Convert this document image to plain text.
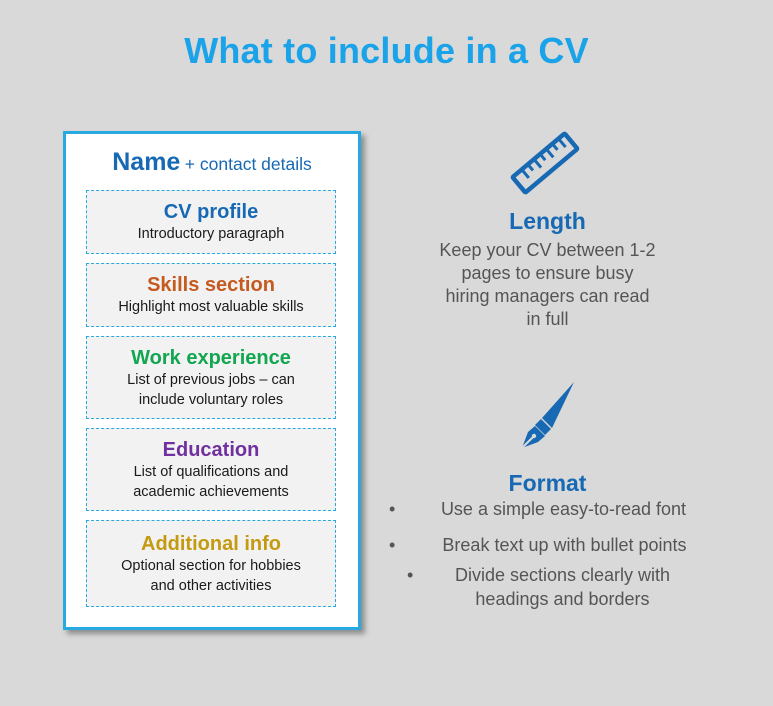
What to include in a CV
Name + contact details
CV profile
Introductory paragraph
Skills section
Highlight most valuable skills
Work experience
List of previous jobs – can
include voluntary roles
Education
List of qualifications and
academic achievements
Additional info
Optional section for hobbies
and other activities
Length
Keep your CV between 1-2
pages to ensure busy
hiring managers can read
in full
Format
•	Use a simple easy-to-read font
•	Break text up with bullet points
•	Divide sections clearly with
headings and borders
